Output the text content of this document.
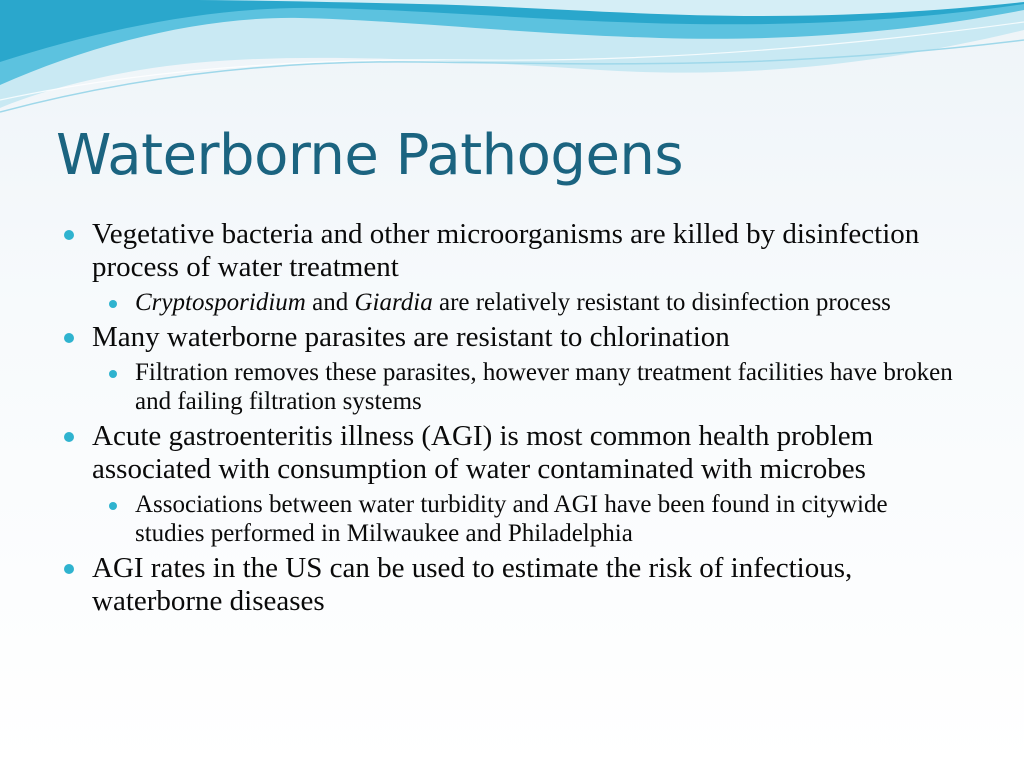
Waterborne Pathogens
Vegetative bacteria and other microorganisms are killed by disinfection process of water treatment
Cryptosporidium and Giardia are relatively resistant to disinfection process
Many waterborne parasites are resistant to chlorination
Filtration removes these parasites, however many treatment facilities have broken and failing filtration systems
Acute gastroenteritis illness (AGI) is most common health problem associated with consumption of water contaminated with microbes
Associations between water turbidity and AGI have been found in citywide studies performed in Milwaukee and Philadelphia
AGI rates in the US can be used to estimate the risk of infectious, waterborne diseases
